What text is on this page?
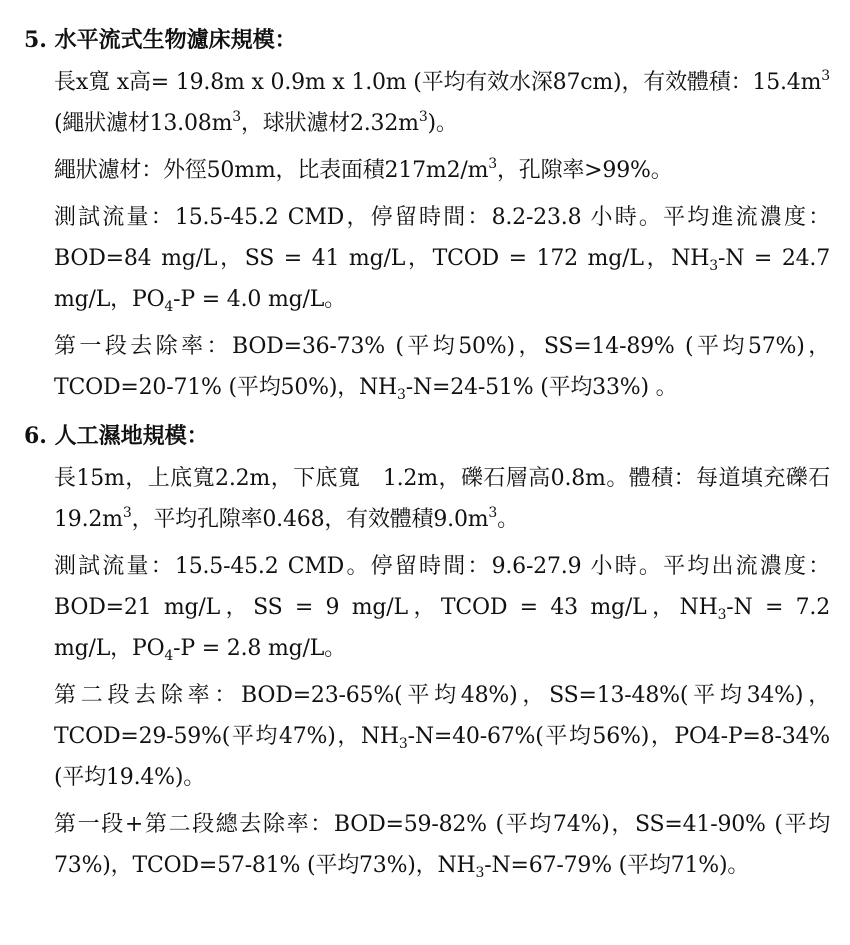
5. 水平流式生物濾床規模：

長x寬 x高= 19.8m x 0.9m x 1.0m (平均有效水深87cm)，有效體積：$15.4m^3$ (繩狀濾材$13.08m^3$，球狀濾材$2.32m^3$)。

繩狀濾材：外徑50mm，比表面積$217m2/m^3$，孔隙率>99%。

測試流量：15.5-45.2 CMD，停留時間：8.2-23.8 小時。平均進流濃度：BOD=84 mg/L，SS = 41 mg/L，TCOD = 172 mg/L，$NH_3-N = 24.7$ mg/L，$PO_4-P = 4.0$ mg/L。

第一段去除率：BOD=36-73% (平均50%)，SS=14-89% (平均57%)，TCOD=20-71% (平均50%)，$NH_3-N=24-51\%$ (平均33%) 。

6. 人工濕地規模：

長15m，上底寬2.2m，下底寬　1.2m，礫石層高0.8m。體積：每道填充礫石$19.2m^3$，平均孔隙率0.468，有效體積$9.0m^3$。

測試流量：15.5-45.2 CMD。停留時間：9.6-27.9 小時。平均出流濃度：BOD=21 mg/L，SS = 9 mg/L，TCOD = 43 mg/L，$NH_3-N = 7.2$ mg/L，$PO_4-P = 2.8$ mg/L。

第二段去除率：BOD=23-65%(平均48%)，SS=13-48%(平均34%)，TCOD=29-59%(平均47%)，$NH_3-N=40-67\%$(平均56%)，PO4-P=8-34%(平均19.4%)。

第一段+第二段總去除率：BOD=59-82% (平均74%)，SS=41-90% (平均73%)，TCOD=57-81% (平均73%)，$NH_3-N=67-79\%$ (平均71%)。
